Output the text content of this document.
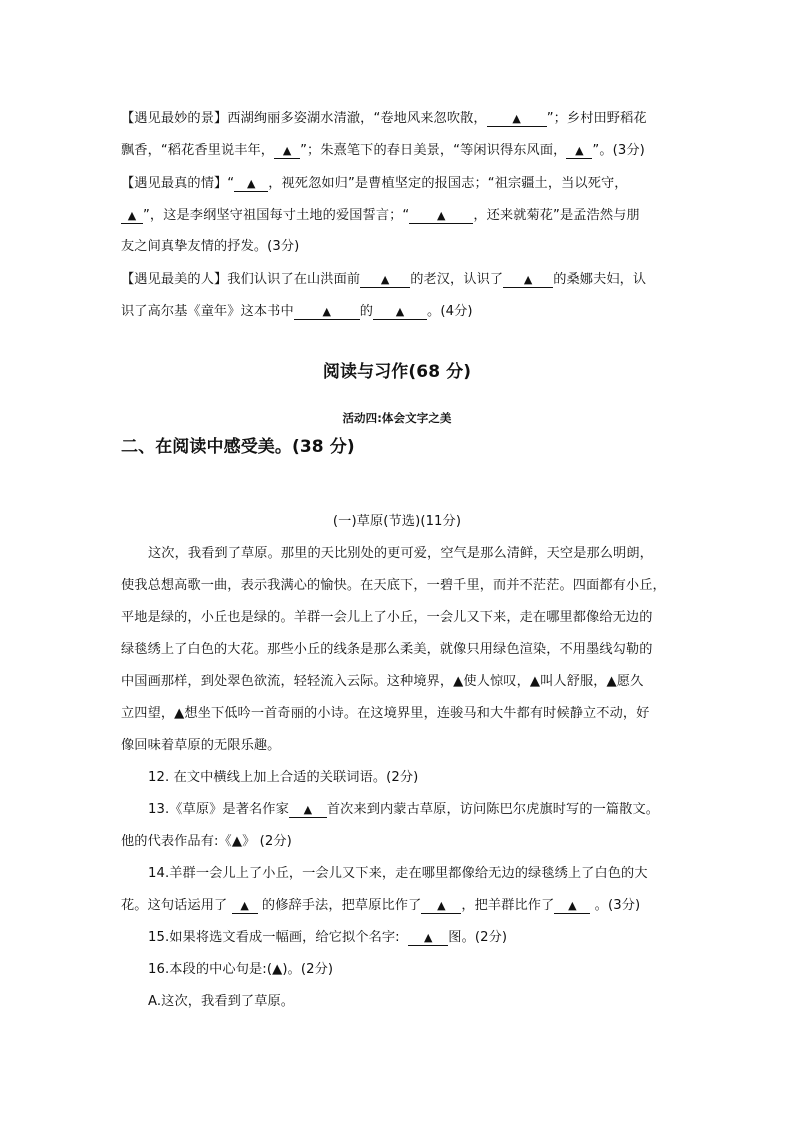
【遇见最妙的景】西湖绚丽多姿湖水清澈，“卷地风来忽吹散， ▲ ”；乡村田野稻花
飘香，“稻花香里说丰年， ▲ ”；朱熹笔下的春日美景，“等闲识得东风面， ▲ ”。(3分)
【遇见最真的情】“ ▲ ，视死忽如归”是曹植坚定的报国志；“祖宗疆土，当以死守，
▲ ”，这是李纲坚守祖国每寸土地的爱国誓言；“	▲ ，还来就菊花”是孟浩然与朋
友之间真挚友情的抒发。(3分)
【遇见最美的人】我们认识了在山洪面前 ▲ 的老汉，认识了 ▲ 的桑娜夫妇，认
识了高尔基《童年》这本书中	▲ 的 ▲ 。(4分)
阅读与习作(68 分)
活动四:体会文字之美
二、在阅读中感受美。(38 分)
(一)草原(节选)(11分)
这次，我看到了草原。那里的天比别处的更可爱，空气是那么清鲜，天空是那么明朗，
使我总想高歌一曲，表示我满心的愉快。在天底下，一碧千里，而并不茫茫。四面都有小丘，
平地是绿的，小丘也是绿的。羊群一会儿上了小丘，一会儿又下来，走在哪里都像给无边的
绿毯绣上了白色的大花。那些小丘的线条是那么柔美，就像只用绿色渲染，不用墨线勾勒的
中国画那样，到处翠色欲流，轻轻流入云际。这种境界，▲使人惊叹，▲叫人舒服，▲愿久
立四望，▲想坐下低吟一首奇丽的小诗。在这境界里，连骏马和大牛都有时候静立不动，好
像回味着草原的无限乐趣。
12. 在文中横线上加上合适的关联词语。(2分)
13.《草原》是著名作家 ▲ 首次来到内蒙古草原，访问陈巴尔虎旗时写的一篇散文。
他的代表作品有:《▲》 (2分)
14.羊群一会儿上了小丘，一会儿又下来，走在哪里都像给无边的绿毯绣上了白色的大
花。这句话运用了 ▲ 的修辞手法，把草原比作了 ▲ ，把羊群比作了 ▲ 。(3分)
15.如果将选文看成一幅画，给它拟个名字: ▲ 图。(2分)
16.本段的中心句是:(▲)。(2分)
A.这次，我看到了草原。
